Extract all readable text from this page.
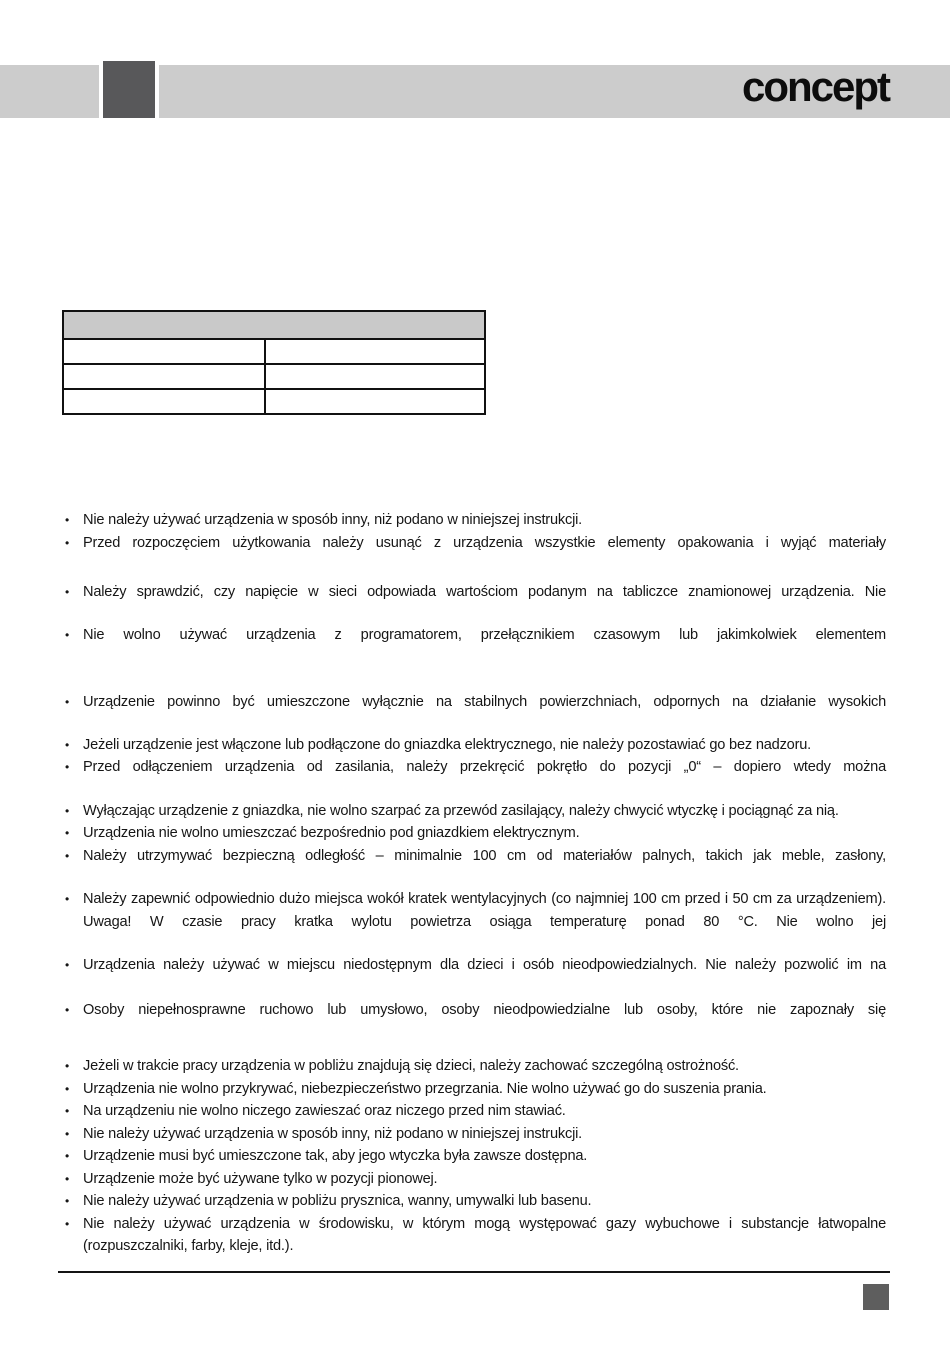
concept

• Nie należy używać urządzenia w sposób inny, niż podano w niniejszej instrukcji.
• Przed rozpoczęciem użytkowania należy usunąć z urządzenia wszystkie elementy opakowania i wyjąć materiały
• Należy sprawdzić, czy napięcie w sieci odpowiada wartościom podanym na tabliczce znamionowej urządzenia. Nie
• Nie wolno używać urządzenia z programatorem, przełącznikiem czasowym lub jakimkolwiek elementem
• Urządzenie powinno być umieszczone wyłącznie na stabilnych powierzchniach, odpornych na działanie wysokich
• Jeżeli urządzenie jest włączone lub podłączone do gniazdka elektrycznego, nie należy pozostawiać go bez nadzoru.
• Przed odłączeniem urządzenia od zasilania, należy przekręcić pokrętło do pozycji „0“ – dopiero wtedy można
• Wyłączając urządzenie z gniazdka, nie wolno szarpać za przewód zasilający, należy chwycić wtyczkę i pociągnąć za nią.
• Urządzenia nie wolno umieszczać bezpośrednio pod gniazdkiem elektrycznym.
• Należy utrzymywać bezpieczną odległość – minimalnie 100 cm od materiałów palnych, takich jak meble, zasłony,
• Należy zapewnić odpowiednio dużo miejsca wokół kratek wentylacyjnych (co najmniej 100 cm przed i 50 cm za urządzeniem). Uwaga! W czasie pracy kratka wylotu powietrza osiąga temperaturę ponad 80 °C. Nie wolno jej
• Urządzenia należy używać w miejscu niedostępnym dla dzieci i osób nieodpowiedzialnych. Nie należy pozwolić im na
• Osoby niepełnosprawne ruchowo lub umysłowo, osoby nieodpowiedzialne lub osoby, które nie zapoznały się
• Jeżeli w trakcie pracy urządzenia w pobliżu znajdują się dzieci, należy zachować szczególną ostrożność.
• Urządzenia nie wolno przykrywać, niebezpieczeństwo przegrzania. Nie wolno używać go do suszenia prania.
• Na urządzeniu nie wolno niczego zawieszać oraz niczego przed nim stawiać.
• Nie należy używać urządzenia w sposób inny, niż podano w niniejszej instrukcji.
• Urządzenie musi być umieszczone tak, aby jego wtyczka była zawsze dostępna.
• Urządzenie może być używane tylko w pozycji pionowej.
• Nie należy używać urządzenia w pobliżu prysznica, wanny, umywalki lub basenu.
• Nie należy używać urządzenia w środowisku, w którym mogą występować gazy wybuchowe i substancje łatwopalne (rozpuszczalniki, farby, kleje, itd.).
